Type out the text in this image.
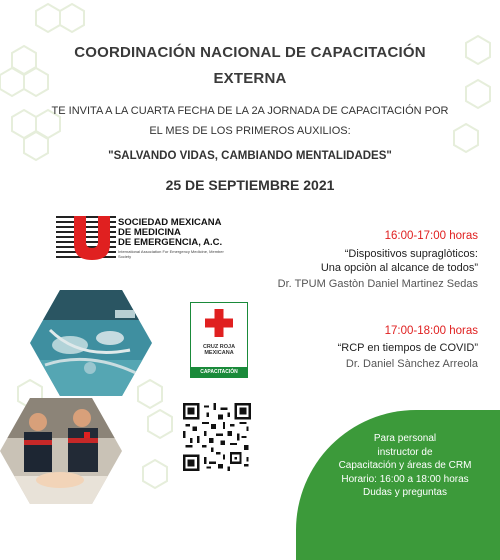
COORDINACIÓN NACIONAL DE CAPACITACIÓN
EXTERNA
TE INVITA A LA CUARTA FECHA DE LA 2A JORNADA DE CAPACITACIÓN POR
EL MES DE LOS PRIMEROS AUXILIOS:
"SALVANDO VIDAS, CAMBIANDO MENTALIDADES"
25 DE SEPTIEMBRE 2021
SOCIEDAD MEXICANA
DE MEDICINA
DE EMERGENCIA, A.C.
International Association For Emergency Medicine, Member Society
16:00-17:00 horas
“Dispositivos supraglòticos:
Una opciòn al alcance de todos”
Dr. TPUM Gastòn Daniel Martinez Sedas
CRUZ ROJA
MEXICANA
CAPACITACIÓN
17:00-18:00 horas
“RCP en tiempos de COVID”
Dr. Daniel Sànchez Arreola
Para personal
instructor de
Capacitación y áreas de CRM
Horario: 16:00 a 18:00 horas
Dudas y preguntas
